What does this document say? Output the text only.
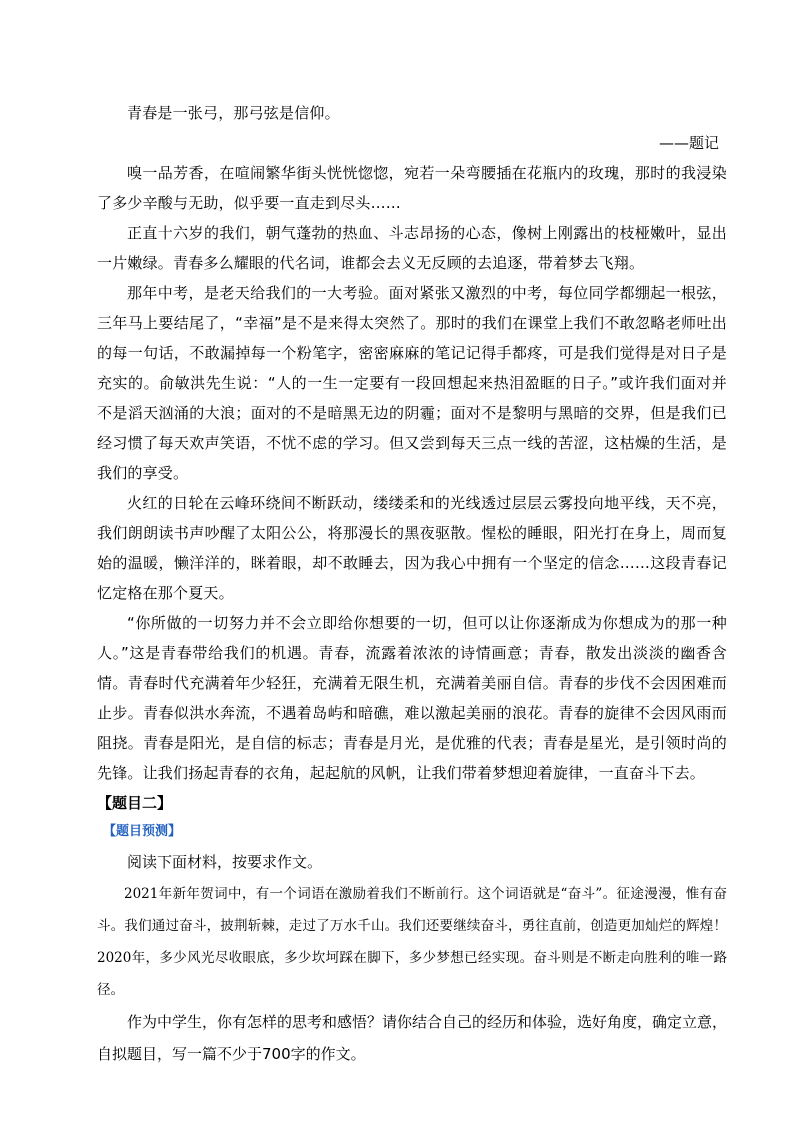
青春是一张弓，那弓弦是信仰。

——题记

嗅一品芳香，在喧闹繁华街头恍恍惚惚，宛若一朵弯腰插在花瓶内的玫瑰，那时的我浸染了多少辛酸与无助，似乎要一直走到尽头……

正直十六岁的我们，朝气蓬勃的热血、斗志昂扬的心态，像树上刚露出的枝桠嫩叶，显出一片嫩绿。青春多么耀眼的代名词，谁都会去义无反顾的去追逐，带着梦去飞翔。

那年中考，是老天给我们的一大考验。面对紧张又激烈的中考，每位同学都绷起一根弦，三年马上要结尾了，“幸福”是不是来得太突然了。那时的我们在课堂上我们不敢忽略老师吐出的每一句话，不敢漏掉每一个粉笔字，密密麻麻的笔记记得手都疼，可是我们觉得是对日子是充实的。俞敏洪先生说：“人的一生一定要有一段回想起来热泪盈眶的日子。”或许我们面对并不是滔天汹涌的大浪；面对的不是暗黑无边的阴霾；面对不是黎明与黑暗的交界，但是我们已经习惯了每天欢声笑语，不忧不虑的学习。但又尝到每天三点一线的苦涩，这枯燥的生活，是我们的享受。

火红的日轮在云峰环绕间不断跃动，缕缕柔和的光线透过层层云雾投向地平线，天不亮，我们朗朗读书声吵醒了太阳公公，将那漫长的黑夜驱散。惺松的睡眼，阳光打在身上，周而复始的温暖，懒洋洋的，眯着眼，却不敢睡去，因为我心中拥有一个坚定的信念……这段青春记忆定格在那个夏天。

“你所做的一切努力并不会立即给你想要的一切，但可以让你逐渐成为你想成为的那一种人。”这是青春带给我们的机遇。青春，流露着浓浓的诗情画意；青春，散发出淡淡的幽香含情。青春时代充满着年少轻狂，充满着无限生机，充满着美丽自信。青春的步伐不会因困难而止步。青春似洪水奔流，不遇着岛屿和暗礁，难以激起美丽的浪花。青春的旋律不会因风雨而阻挠。青春是阳光，是自信的标志；青春是月光，是优雅的代表；青春是星光，是引领时尚的先锋。让我们扬起青春的衣角，起起航的风帆，让我们带着梦想迎着旋律，一直奋斗下去。

【题目二】

【题目预测】

阅读下面材料，按要求作文。

2021年新年贺词中，有一个词语在激励着我们不断前行。这个词语就是“奋斗”。征途漫漫，惟有奋斗。我们通过奋斗，披荆斩棘，走过了万水千山。我们还要继续奋斗，勇往直前，创造更加灿烂的辉煌！2020年，多少风光尽收眼底，多少坎坷踩在脚下，多少梦想已经实现。奋斗则是不断走向胜利的唯一路径。

作为中学生，你有怎样的思考和感悟？请你结合自己的经历和体验，选好角度，确定立意，自拟题目，写一篇不少于700字的作文。
